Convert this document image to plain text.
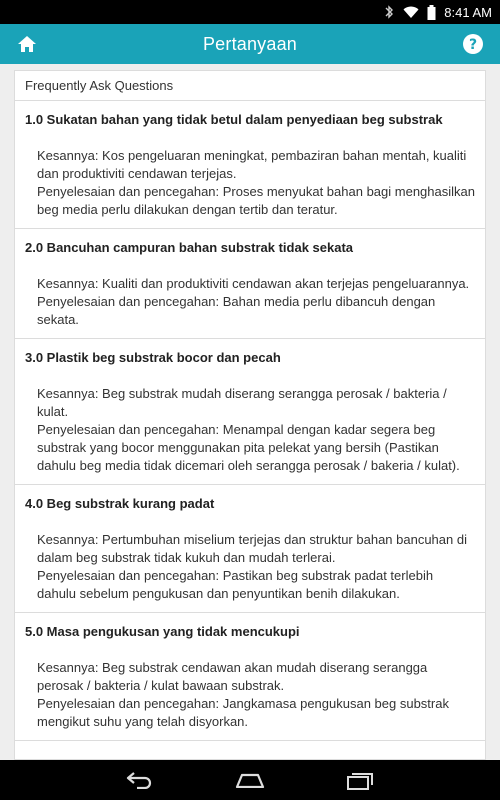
8:41 AM
Pertanyaan	?
Frequently Ask Questions
1.0 Sukatan bahan yang tidak betul dalam penyediaan beg substrak

Kesannya: Kos pengeluaran meningkat, pembaziran bahan mentah, kualiti dan produktiviti cendawan terjejas.

Penyelesaian dan pencegahan: Proses menyukat bahan bagi menghasilkan beg media perlu dilakukan dengan tertib dan teratur.

2.0 Bancuhan campuran bahan substrak tidak sekata

Kesannya: Kualiti dan produktiviti cendawan akan terjejas pengeluarannya.

Penyelesaian dan pencegahan: Bahan media perlu dibancuh dengan sekata.

3.0 Plastik beg substrak bocor dan pecah

Kesannya: Beg substrak mudah diserang serangga perosak / bakteria / kulat.

Penyelesaian dan pencegahan: Menampal dengan kadar segera beg substrak yang bocor menggunakan pita pelekat yang bersih (Pastikan dahulu beg media tidak dicemari oleh serangga perosak / bakeria / kulat).

4.0 Beg substrak kurang padat

Kesannya: Pertumbuhan miselium terjejas dan struktur bahan bancuhan di dalam beg substrak tidak kukuh dan mudah terlerai.

Penyelesaian dan pencegahan: Pastikan beg substrak padat terlebih dahulu sebelum pengukusan dan penyuntikan benih dilakukan.

5.0 Masa pengukusan yang tidak mencukupi

Kesannya: Beg substrak cendawan akan mudah diserang serangga perosak / bakteria / kulat bawaan substrak.

Penyelesaian dan pencegahan: Jangkamasa pengukusan beg substrak mengikut suhu yang telah disyorkan.
